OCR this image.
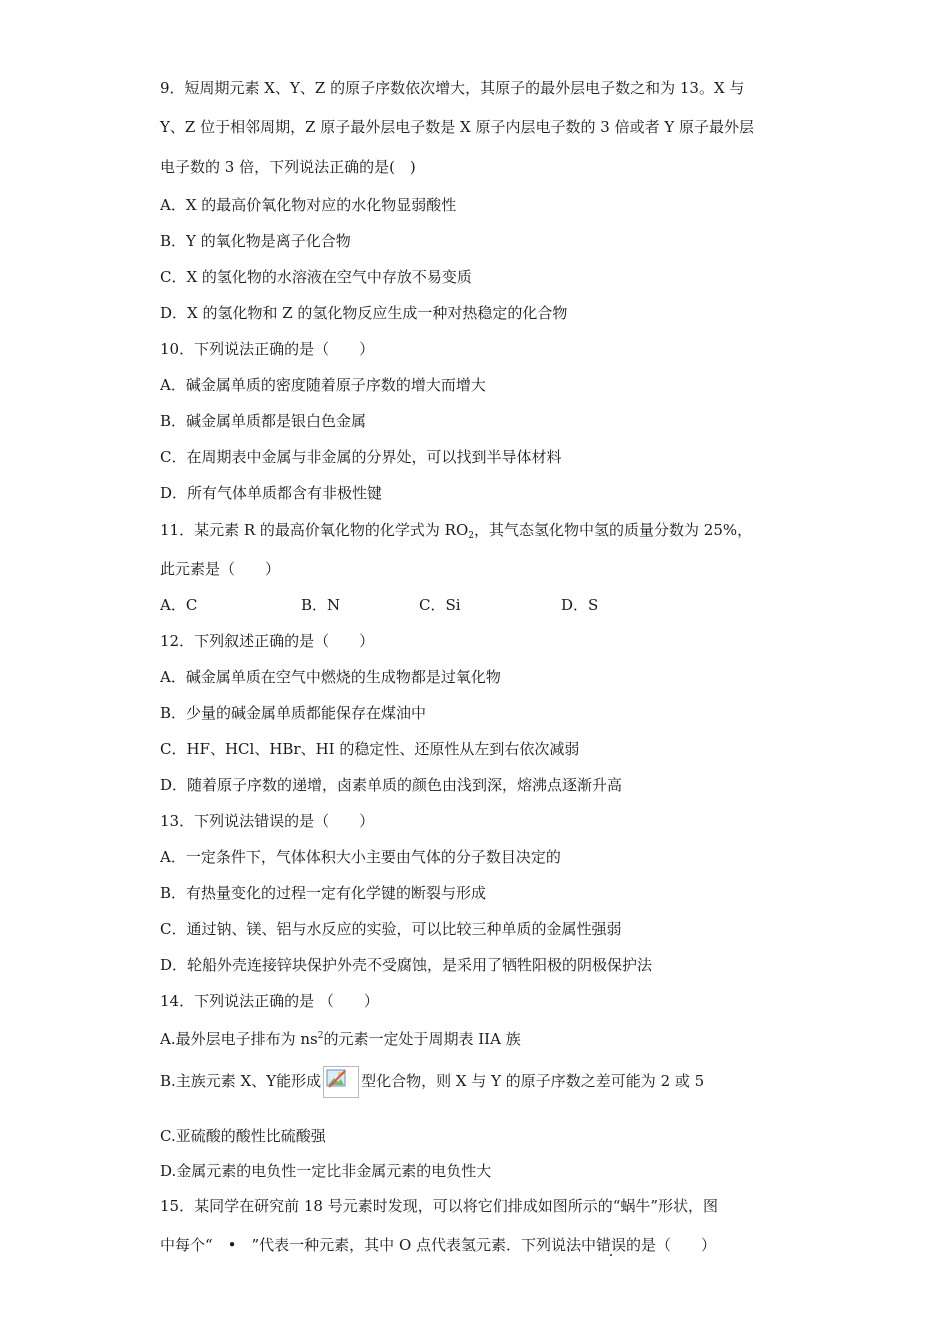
9．短周期元素 X、Y、Z 的原子序数依次增大，其原子的最外层电子数之和为 13。X 与
Y、Z 位于相邻周期，Z 原子最外层电子数是 X 原子内层电子数的 3 倍或者 Y 原子最外层
电子数的 3 倍，下列说法正确的是(　)
A．X 的最高价氧化物对应的水化物显弱酸性
B．Y 的氧化物是离子化合物
C．X 的氢化物的水溶液在空气中存放不易变质
D．X 的氢化物和 Z 的氢化物反应生成一种对热稳定的化合物
10．下列说法正确的是（　　）
A．碱金属单质的密度随着原子序数的增大而增大
B．碱金属单质都是银白色金属
C．在周期表中金属与非金属的分界处，可以找到半导体材料
D．所有气体单质都含有非极性键
11．某元素 R 的最高价氧化物的化学式为 $RO_2$，其气态氢化物中氢的质量分数为 25%，
此元素是（　　）
A．C	B．N	C．Si	D．S
12．下列叙述正确的是（　　）
A．碱金属单质在空气中燃烧的生成物都是过氧化物
B．少量的碱金属单质都能保存在煤油中
C．HF、HCl、HBr、HI 的稳定性、还原性从左到右依次减弱
D．随着原子序数的递增，卤素单质的颜色由浅到深，熔沸点逐渐升高
13．下列说法错误的是（　　）
A．一定条件下，气体体积大小主要由气体的分子数目决定的
B．有热量变化的过程一定有化学键的断裂与形成
C．通过钠、镁、铝与水反应的实验，可以比较三种单质的金属性强弱
D．轮船外壳连接锌块保护外壳不受腐蚀，是采用了牺牲阳极的阴极保护法
14．下列说法正确的是 （　　）
A.最外层电子排布为 $ns^2$的元素一定处于周期表 IIA 族
B.主族元素 X、Y能形成	型化合物，则 X 与 Y 的原子序数之差可能为 2 或 5
C.亚硫酸的酸性比硫酸强
D.金属元素的电负性一定比非金属元素的电负性大
15．某同学在研究前 18 号元素时发现，可以将它们排成如图所示的“蜗牛”形状，图
中每个“　•　”代表一种元素，其中 O 点代表氢元素．下列说法中错误的是（　　）
